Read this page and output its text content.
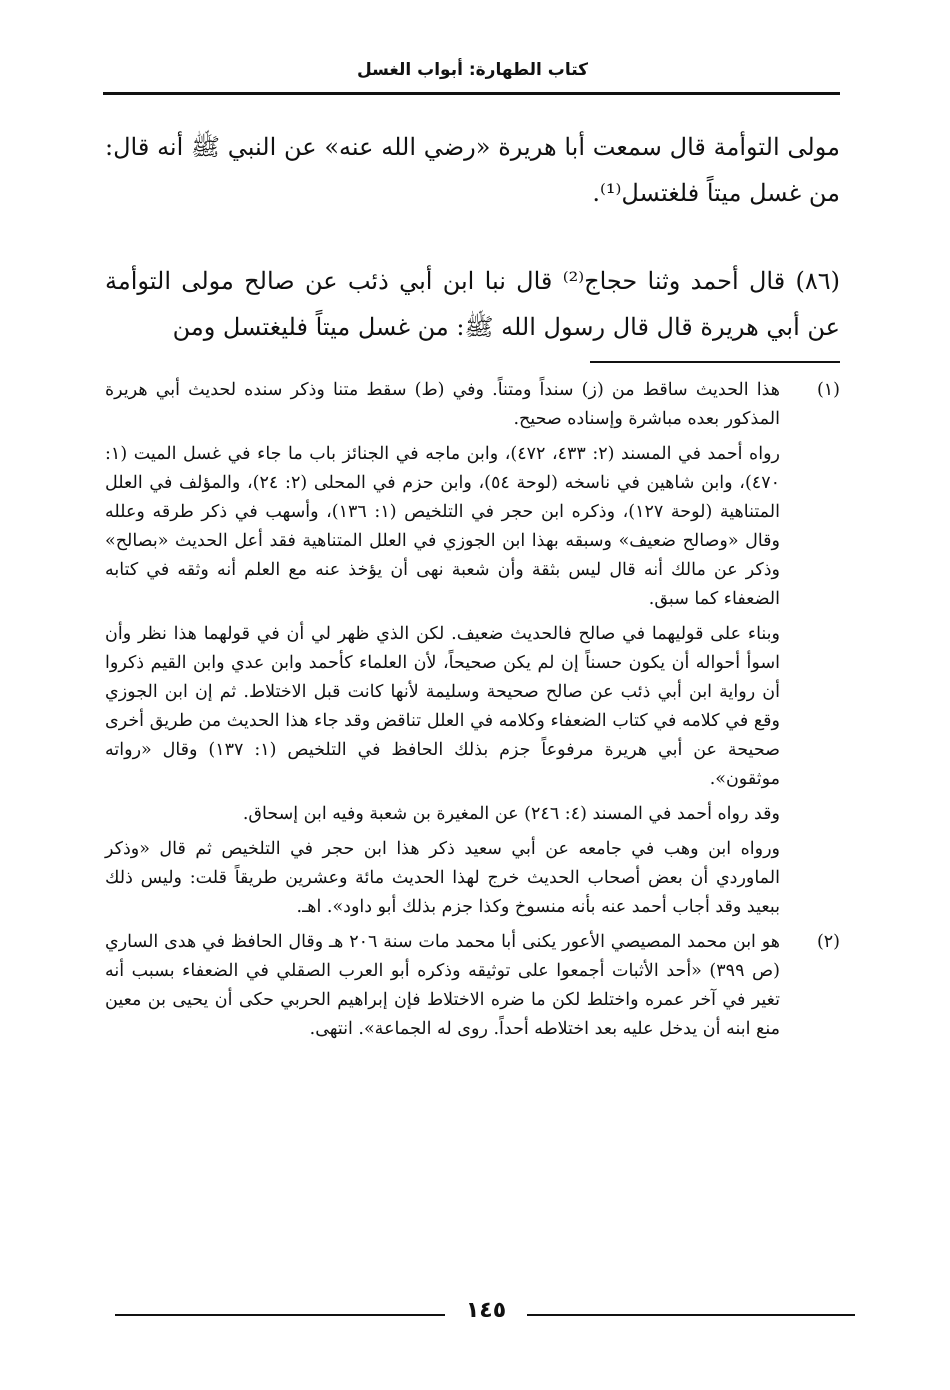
كتاب الطهارة: أبواب الغسل

مولى التوأمة قال سمعت أبا هريرة «رضي الله عنه» عن النبي ﷺ أنه قال: من غسل ميتاً فلغتسل⁽¹⁾.

(٨٦) قال أحمد وثنا حجاج⁽²⁾ قال نبا ابن أبي ذئب عن صالح مولى التوأمة عن أبي هريرة قال قال رسول الله ﷺ: من غسل ميتاً فليغتسل ومن

(١)

هذا الحديث ساقط من (ز) سنداً ومتناً. وفي (ط) سقط متنا وذكر سنده لحديث أبي هريرة المذكور بعده مباشرة وإسناده صحيح.

رواه أحمد في المسند (٢: ٤٣٣، ٤٧٢)، وابن ماجه في الجنائز باب ما جاء في غسل الميت (١: ٤٧٠)، وابن شاهين في ناسخه (لوحة ٥٤)، وابن حزم في المحلى (٢: ٢٤)، والمؤلف في العلل المتناهية (لوحة ١٢٧)، وذكره ابن حجر في التلخيص (١: ١٣٦)، وأسهب في ذكر طرقه وعلله وقال «وصالح ضعيف» وسبقه بهذا ابن الجوزي في العلل المتناهية فقد أعل الحديث «بصالح» وذكر عن مالك أنه قال ليس بثقة وأن شعبة نهى أن يؤخذ عنه مع العلم أنه وثقه في كتابه الضعفاء كما سبق.

وبناء على قوليهما في صالح فالحديث ضعيف. لكن الذي ظهر لي أن في قولهما هذا نظر وأن اسوأ أحواله أن يكون حسناً إن لم يكن صحيحاً، لأن العلماء كأحمد وابن عدي وابن القيم ذكروا أن رواية ابن أبي ذئب عن صالح صحيحة وسليمة لأنها كانت قبل الاختلاط. ثم إن ابن الجوزي وقع في كلامه في كتاب الضعفاء وكلامه في العلل تناقض وقد جاء هذا الحديث من طريق أخرى صحيحة عن أبي هريرة مرفوعاً جزم بذلك الحافظ في التلخيص (١: ١٣٧) وقال «رواته موثقون».

وقد رواه أحمد في المسند (٤: ٢٤٦) عن المغيرة بن شعبة وفيه ابن إسحاق.

ورواه ابن وهب في جامعه عن أبي سعيد ذكر هذا ابن حجر في التلخيص ثم قال «وذكر الماوردي أن بعض أصحاب الحديث خرج لهذا الحديث مائة وعشرين طريقاً قلت: وليس ذلك ببعيد وقد أجاب أحمد عنه بأنه منسوخ وكذا جزم بذلك أبو داود». اهـ.

(٢)

هو ابن محمد المصيصي الأعور يكنى أبا محمد مات سنة ٢٠٦ هـ وقال الحافظ في هدى الساري (ص ٣٩٩) «أحد الأثبات أجمعوا على توثيقه وذكره أبو العرب الصقلي في الضعفاء بسبب أنه تغير في آخر عمره واختلط لكن ما ضره الاختلاط فإن إبراهيم الحربي حكى أن يحيى بن معين منع ابنه أن يدخل عليه بعد اختلاطه أحداً. روى له الجماعة». انتهى.

١٤٥
